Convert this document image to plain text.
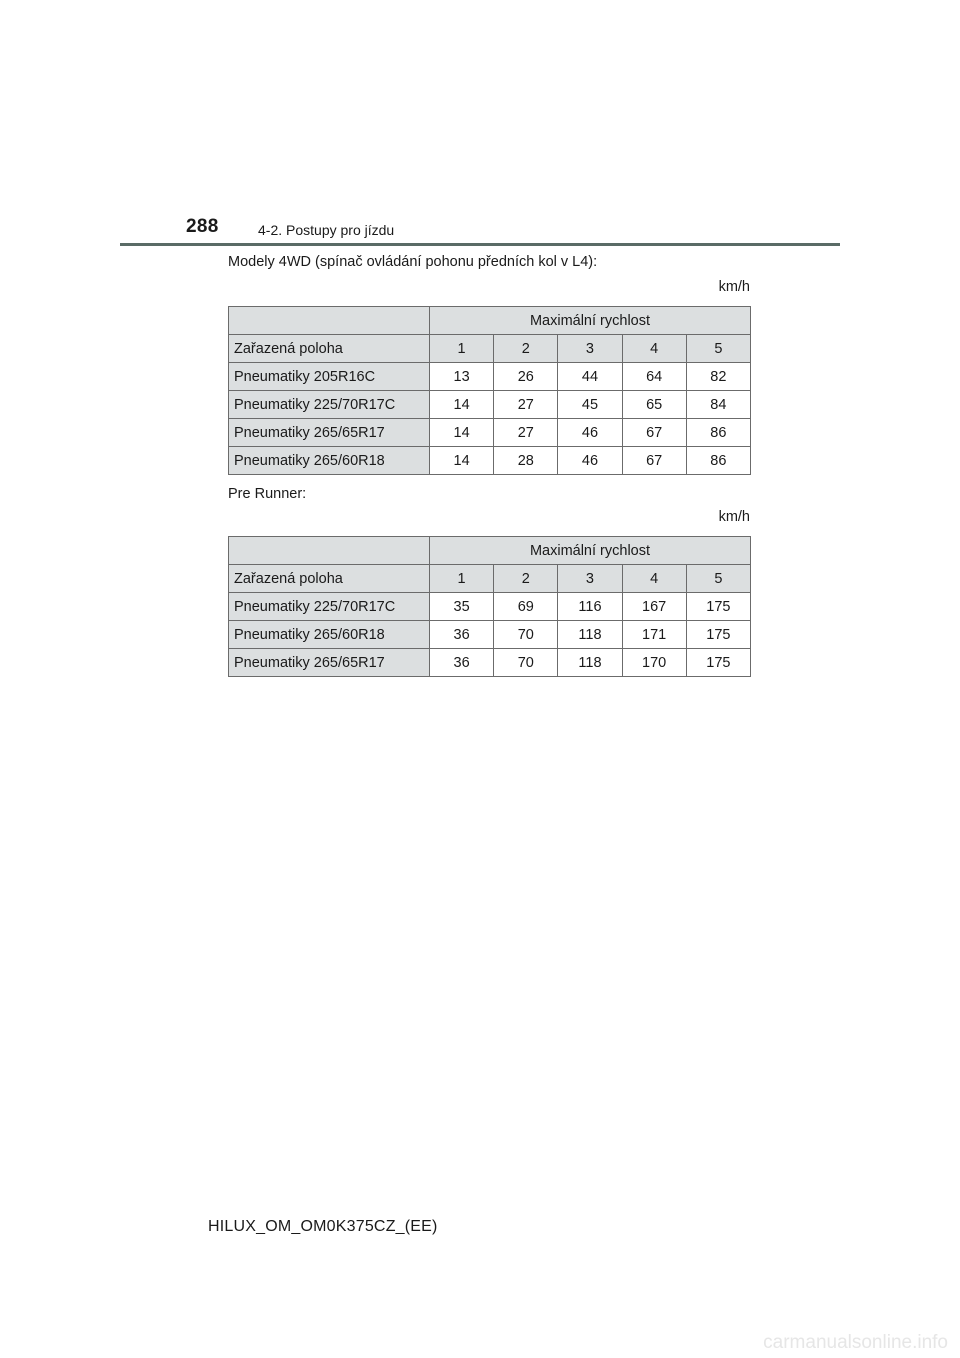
288	4-2. Postupy pro jízdu
Modely 4WD (spínač ovládání pohonu předních kol v L4):
km/h
	Maximální rychlost				
Zařazená poloha	1	2	3	4	5
Pneumatiky 205R16C	13	26	44	64	82
Pneumatiky 225/70R17C	14	27	45	65	84
Pneumatiky 265/65R17	14	27	46	67	86
Pneumatiky 265/60R18	14	28	46	67	86
Pre Runner:
km/h
	Maximální rychlost				
Zařazená poloha	1	2	3	4	5
Pneumatiky 225/70R17C	35	69	116	167	175
Pneumatiky 265/60R18	36	70	118	171	175
Pneumatiky 265/65R17	36	70	118	170	175
HILUX_OM_OM0K375CZ_(EE)
carmanualsonline.info
